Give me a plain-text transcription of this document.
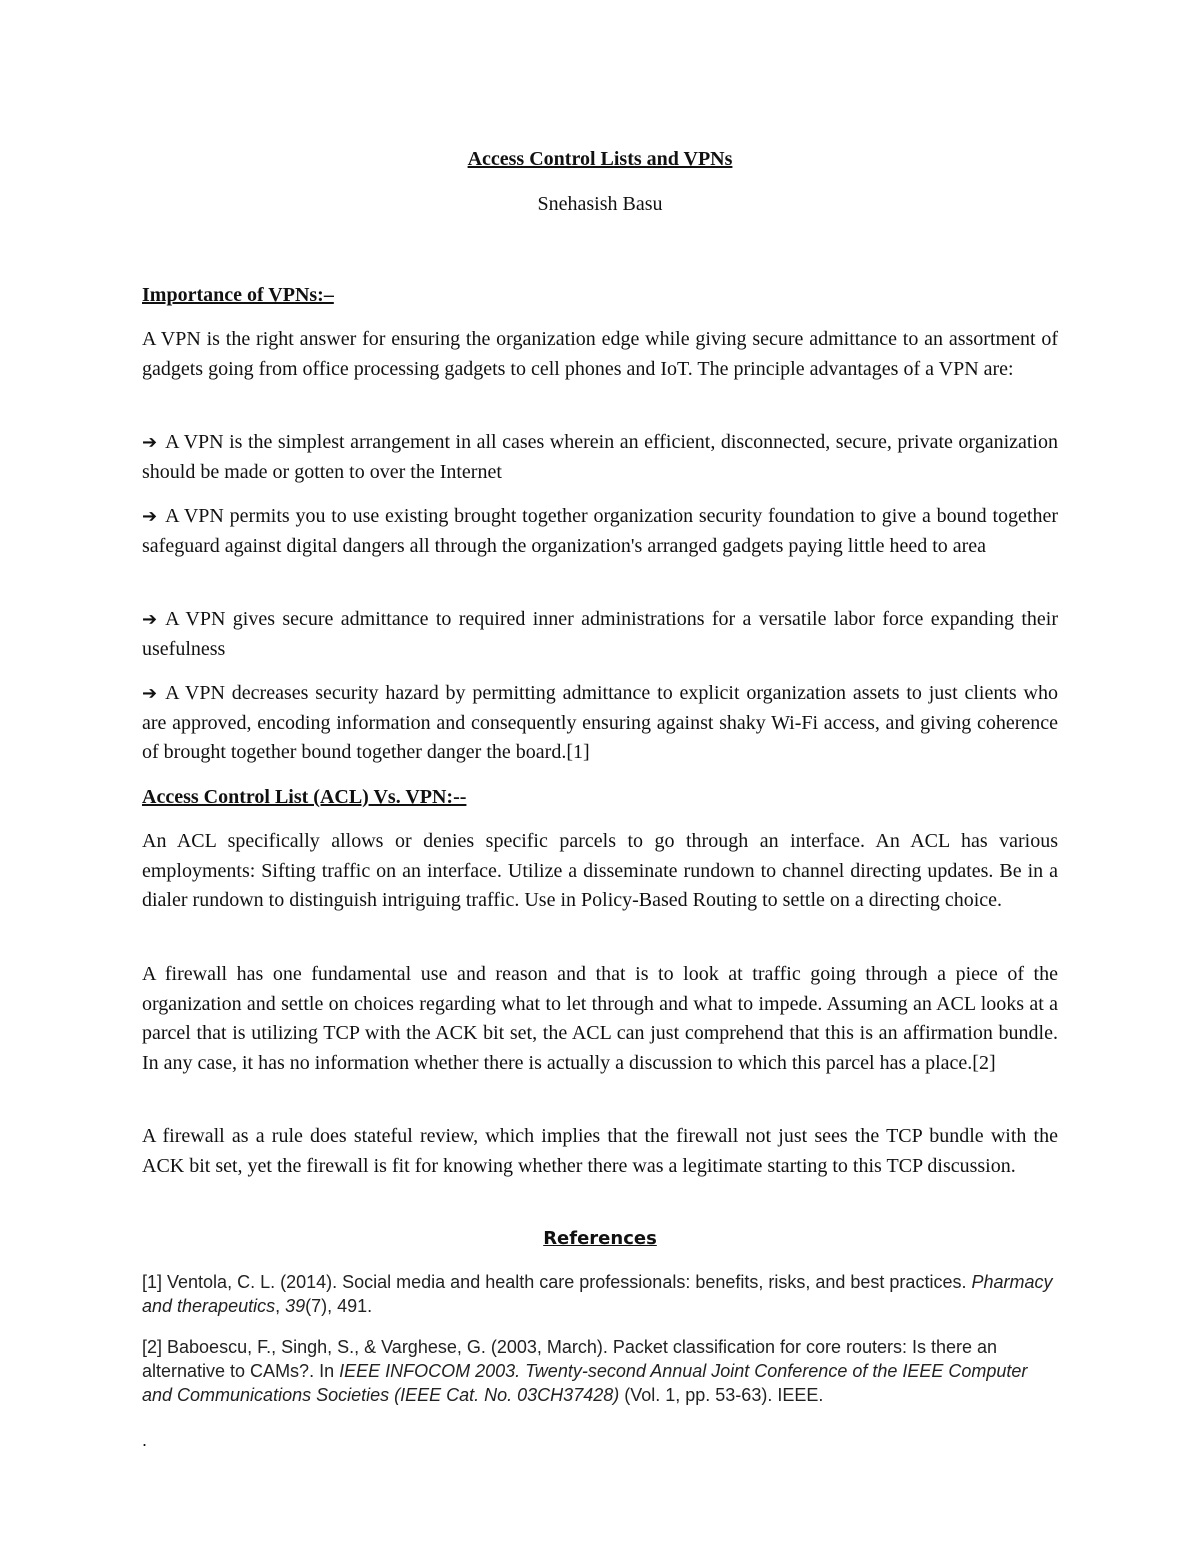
Access Control Lists and VPNs
Snehasish Basu

Importance of VPNs:–

A VPN is the right answer for ensuring the organization edge while giving secure admittance to an assortment of gadgets going from office processing gadgets to cell phones and IoT. The principle advantages of a VPN are:

➔ A VPN is the simplest arrangement in all cases wherein an efficient, disconnected, secure, private organization should be made or gotten to over the Internet

➔ A VPN permits you to use existing brought together organization security foundation to give a bound together safeguard against digital dangers all through the organization's arranged gadgets paying little heed to area

➔ A VPN gives secure admittance to required inner administrations for a versatile labor force expanding their usefulness

➔ A VPN decreases security hazard by permitting admittance to explicit organization assets to just clients who are approved, encoding information and consequently ensuring against shaky Wi-Fi access, and giving coherence of brought together bound together danger the board.[1]

Access Control List (ACL) Vs. VPN:--

An ACL specifically allows or denies specific parcels to go through an interface. An ACL has various employments: Sifting traffic on an interface. Utilize a disseminate rundown to channel directing updates. Be in a dialer rundown to distinguish intriguing traffic. Use in Policy-Based Routing to settle on a directing choice.

A firewall has one fundamental use and reason and that is to look at traffic going through a piece of the organization and settle on choices regarding what to let through and what to impede. Assuming an ACL looks at a parcel that is utilizing TCP with the ACK bit set, the ACL can just comprehend that this is an affirmation bundle. In any case, it has no information whether there is actually a discussion to which this parcel has a place.[2]

A firewall as a rule does stateful review, which implies that the firewall not just sees the TCP bundle with the ACK bit set, yet the firewall is fit for knowing whether there was a legitimate starting to this TCP discussion.

References

[1] Ventola, C. L. (2014). Social media and health care professionals: benefits, risks, and best practices. Pharmacy and therapeutics, 39(7), 491.

[2] Baboescu, F., Singh, S., & Varghese, G. (2003, March). Packet classification for core routers: Is there an alternative to CAMs?. In IEEE INFOCOM 2003. Twenty-second Annual Joint Conference of the IEEE Computer and Communications Societies (IEEE Cat. No. 03CH37428) (Vol. 1, pp. 53-63). IEEE.

.
